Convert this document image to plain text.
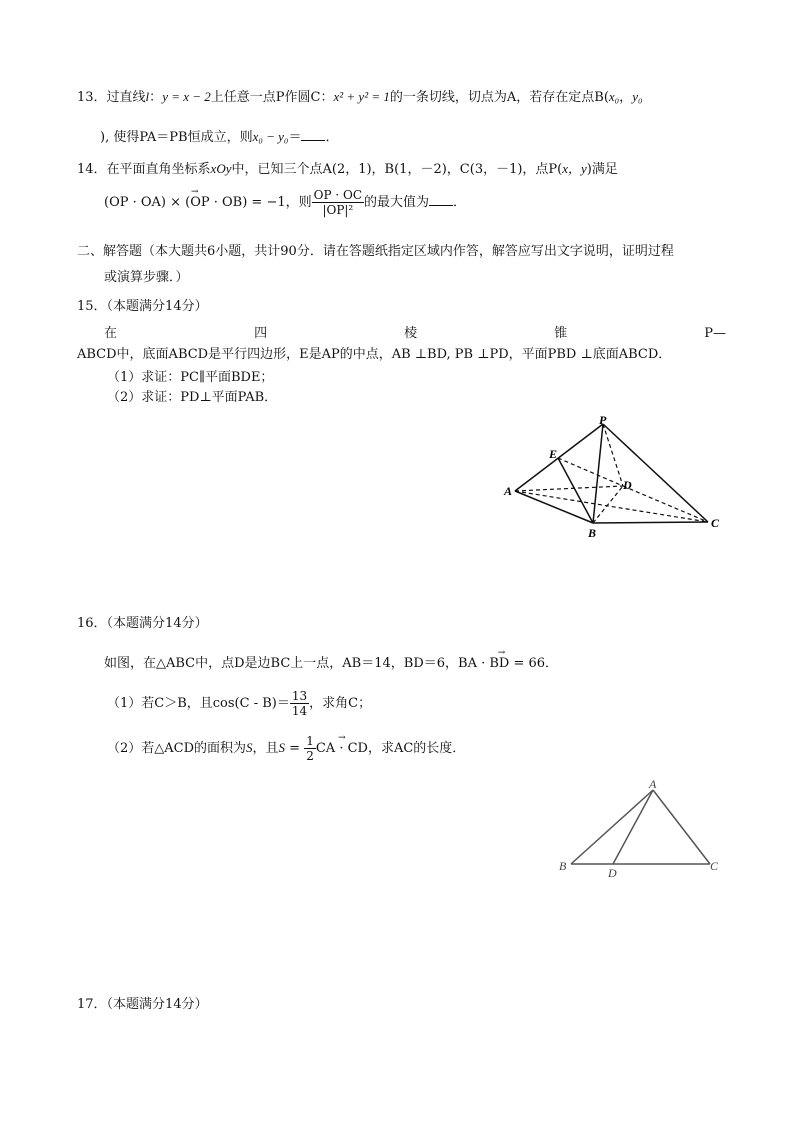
13．过直线l：y = x − 2上任意一点P作圆C：x² + y² = 1的一条切线，切点为A，若存在定点B(x₀，y₀
), 使得PA＝PB恒成立，则x₀ − y₀＝ ．
14．在平面直角坐标系xOy中，已知三个点A(2，1)，B(1，－2)，C(3，－1)，点P(x，y)满足
→ (OP · OA) × (OP · OB) = −1，则 $\frac{OP \cdot OC}{\text{|OP|²}}$ 的最大值为 ．
二、解答题（本大题共6小题，共计90分．请在答题纸指定区域内作答，解答应写出文字说明，证明过程
或演算步骤．）
15．（本题满分14分）
在	四	棱	锥	P—
ABCD中，底面ABCD是平行四边形，E是AP的中点，AB ⊥BD, PB ⊥PD，平面PBD ⊥底面ABCD．
（1）求证：PC∥平面BDE；
（2）求证：PD⊥平面PAB．
P
E
A	D
B
C
16．（本题满分14分）
如图，在△ABC中，点D是边BC上一点，AB＝14，BD＝6，→ BA · BD = 66．
（1）若C＞B，且$\cos(C - B)= \frac{13}{14}$ ，求角C；
（2）若△ACD的面积为S，且$S = \frac{1}{2}$
→ CA · CD，求AC的长度．
A
B	D	C
17．（本题满分14分）
